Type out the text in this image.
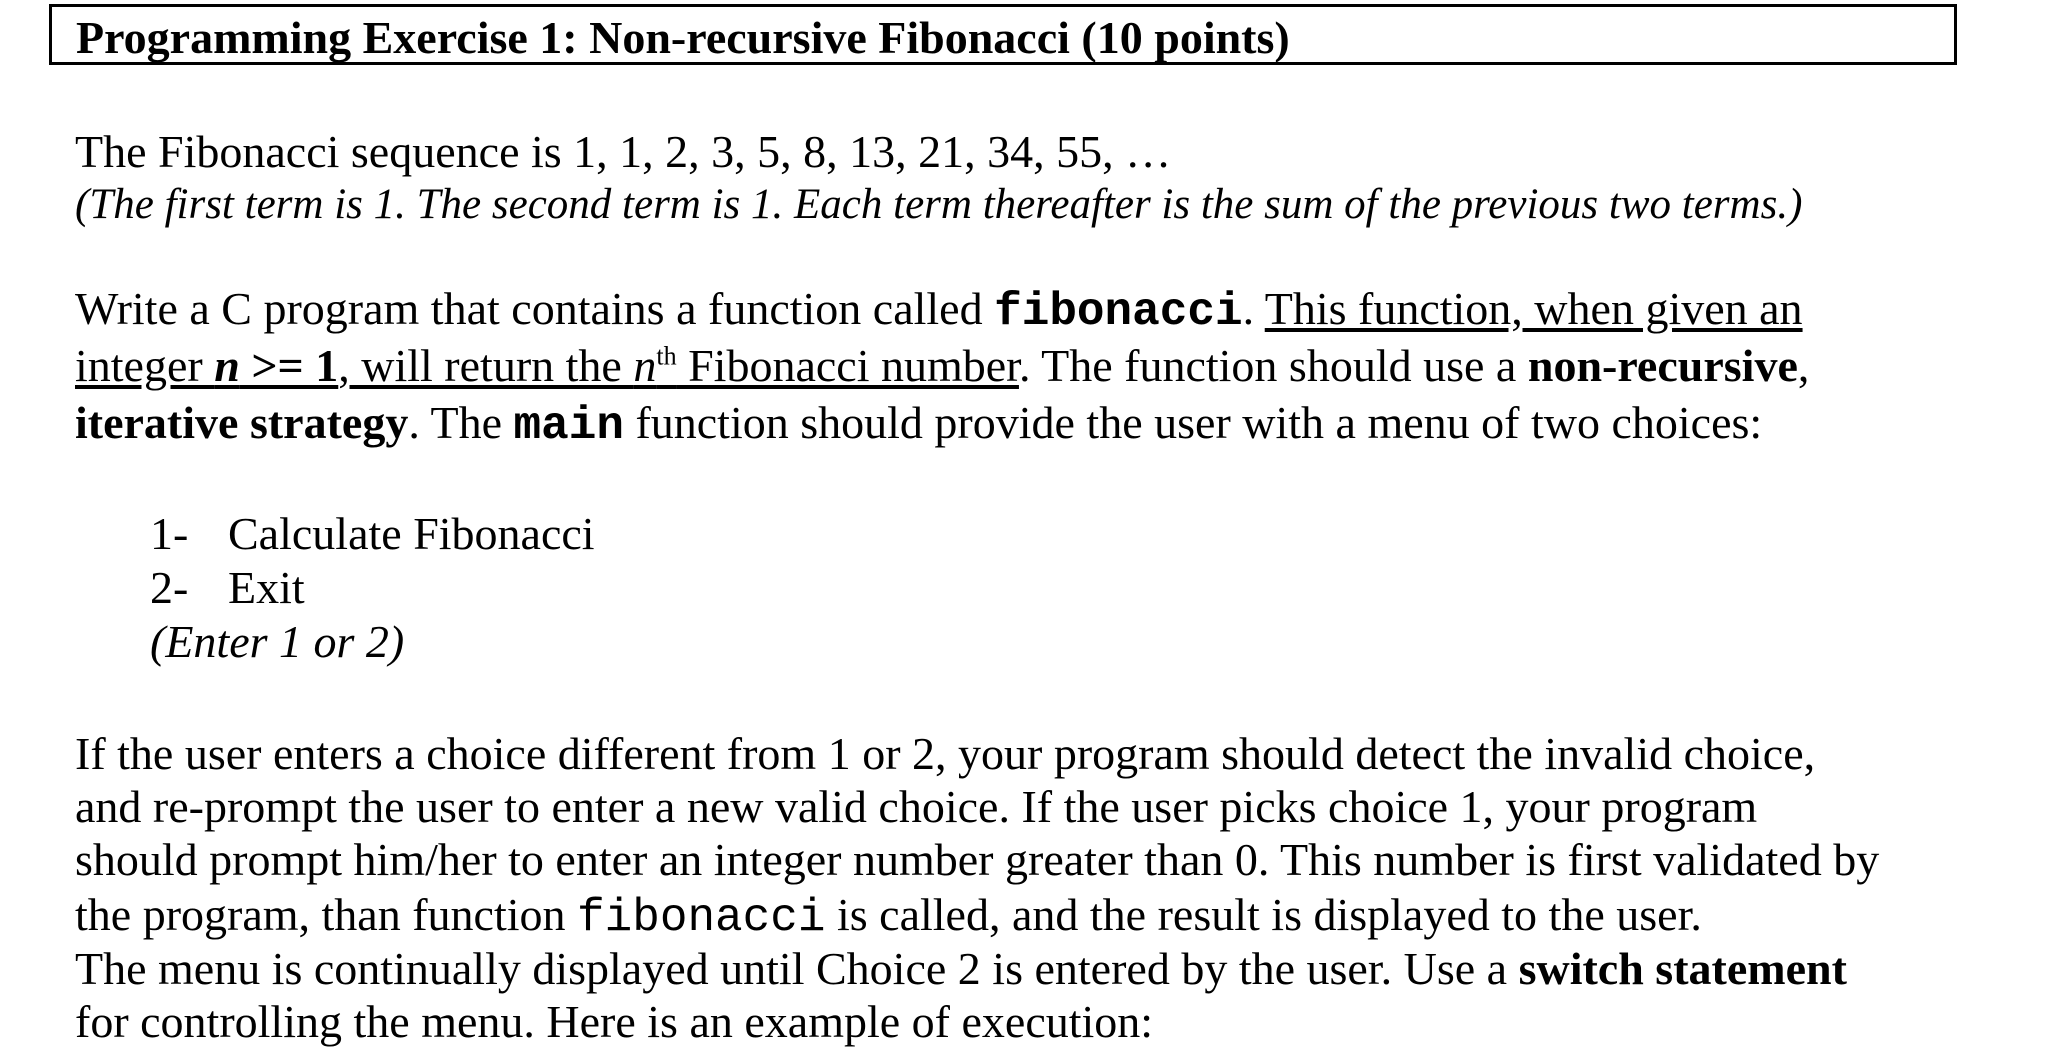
Programming Exercise 1: Non-recursive Fibonacci (10 points)

The Fibonacci sequence is 1, 1, 2, 3, 5, 8, 13, 21, 34, 55, …

(The first term is 1. The second term is 1. Each term thereafter is the sum of the previous two terms.)

Write a C program that contains a function called fibonacci. This function, when given an

integer n >= 1, will return the $n^{th}$ Fibonacci number. The function should use a non-recursive,

iterative strategy. The main function should provide the user with a menu of two choices:

1- Calculate Fibonacci
2- Exit
(Enter 1 or 2)

If the user enters a choice different from 1 or 2, your program should detect the invalid choice,

and re-prompt the user to enter a new valid choice. If the user picks choice 1, your program

should prompt him/her to enter an integer number greater than 0. This number is first validated by

the program, than function fibonacci is called, and the result is displayed to the user.

The menu is continually displayed until Choice 2 is entered by the user. Use a switch statement

for controlling the menu. Here is an example of execution:
